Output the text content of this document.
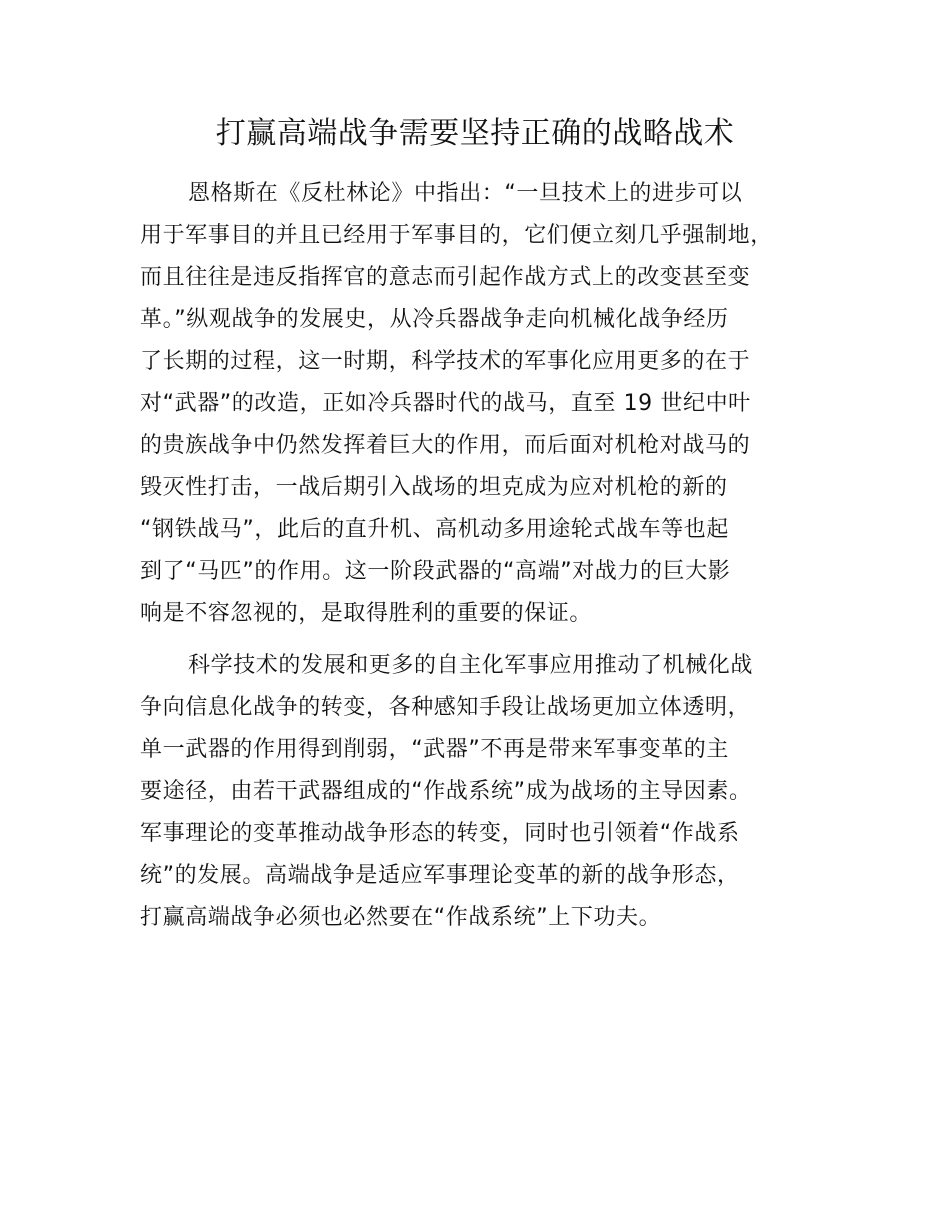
打赢高端战争需要坚持正确的战略战术

恩格斯在《反杜林论》中指出：“一旦技术上的进步可以
用于军事目的并且已经用于军事目的，它们便立刻几乎强制地，
而且往往是违反指挥官的意志而引起作战方式上的改变甚至变
革。”纵观战争的发展史，从冷兵器战争走向机械化战争经历
了长期的过程，这一时期，科学技术的军事化应用更多的在于
对“武器”的改造，正如冷兵器时代的战马，直至 19 世纪中叶
的贵族战争中仍然发挥着巨大的作用，而后面对机枪对战马的
毁灭性打击，一战后期引入战场的坦克成为应对机枪的新的
“钢铁战马”，此后的直升机、高机动多用途轮式战车等也起
到了“马匹”的作用。这一阶段武器的“高端”对战力的巨大影
响是不容忽视的，是取得胜利的重要的保证。

科学技术的发展和更多的自主化军事应用推动了机械化战
争向信息化战争的转变，各种感知手段让战场更加立体透明，
单一武器的作用得到削弱，“武器”不再是带来军事变革的主
要途径，由若干武器组成的“作战系统”成为战场的主导因素。
军事理论的变革推动战争形态的转变，同时也引领着“作战系
统”的发展。高端战争是适应军事理论变革的新的战争形态，
打赢高端战争必须也必然要在“作战系统”上下功夫。
